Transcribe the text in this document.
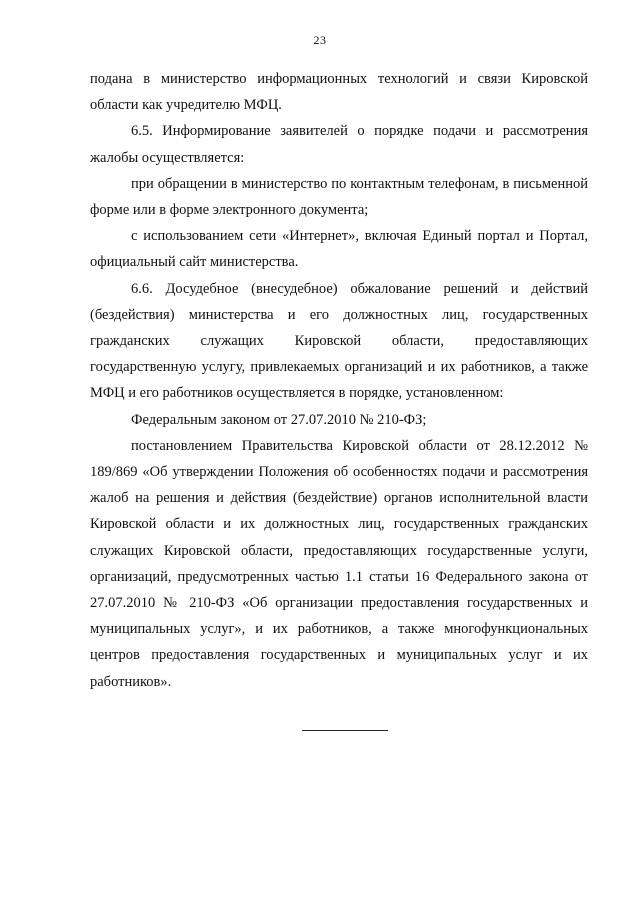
23

подана в министерство информационных технологий и связи Кировской области как учредителю МФЦ.

6.5. Информирование заявителей о порядке подачи и рассмотрения жалобы осуществляется:

при обращении в министерство по контактным телефонам, в письменной форме или в форме электронного документа;

с использованием сети «Интернет», включая Единый портал и Портал, официальный сайт министерства.

6.6. Досудебное (внесудебное) обжалование решений и действий (бездействия) министерства и его должностных лиц, государственных гражданских служащих Кировской области, предоставляющих государственную услугу, привлекаемых организаций и их работников, а также МФЦ и его работников осуществляется в порядке, установленном:

Федеральным законом от 27.07.2010 № 210-ФЗ;

постановлением Правительства Кировской области от 28.12.2012 № 189/869 «Об утверждении Положения об особенностях подачи и рассмотрения жалоб на решения и действия (бездействие) органов исполнительной власти Кировской области и их должностных лиц, государственных гражданских служащих Кировской области, предоставляющих государственные услуги, организаций, предусмотренных частью 1.1 статьи 16 Федерального закона от 27.07.2010 № 210-ФЗ «Об организации предоставления государственных и муниципальных услуг», и их работников, а также многофункциональных центров предоставления государственных и муниципальных услуг и их работников».
